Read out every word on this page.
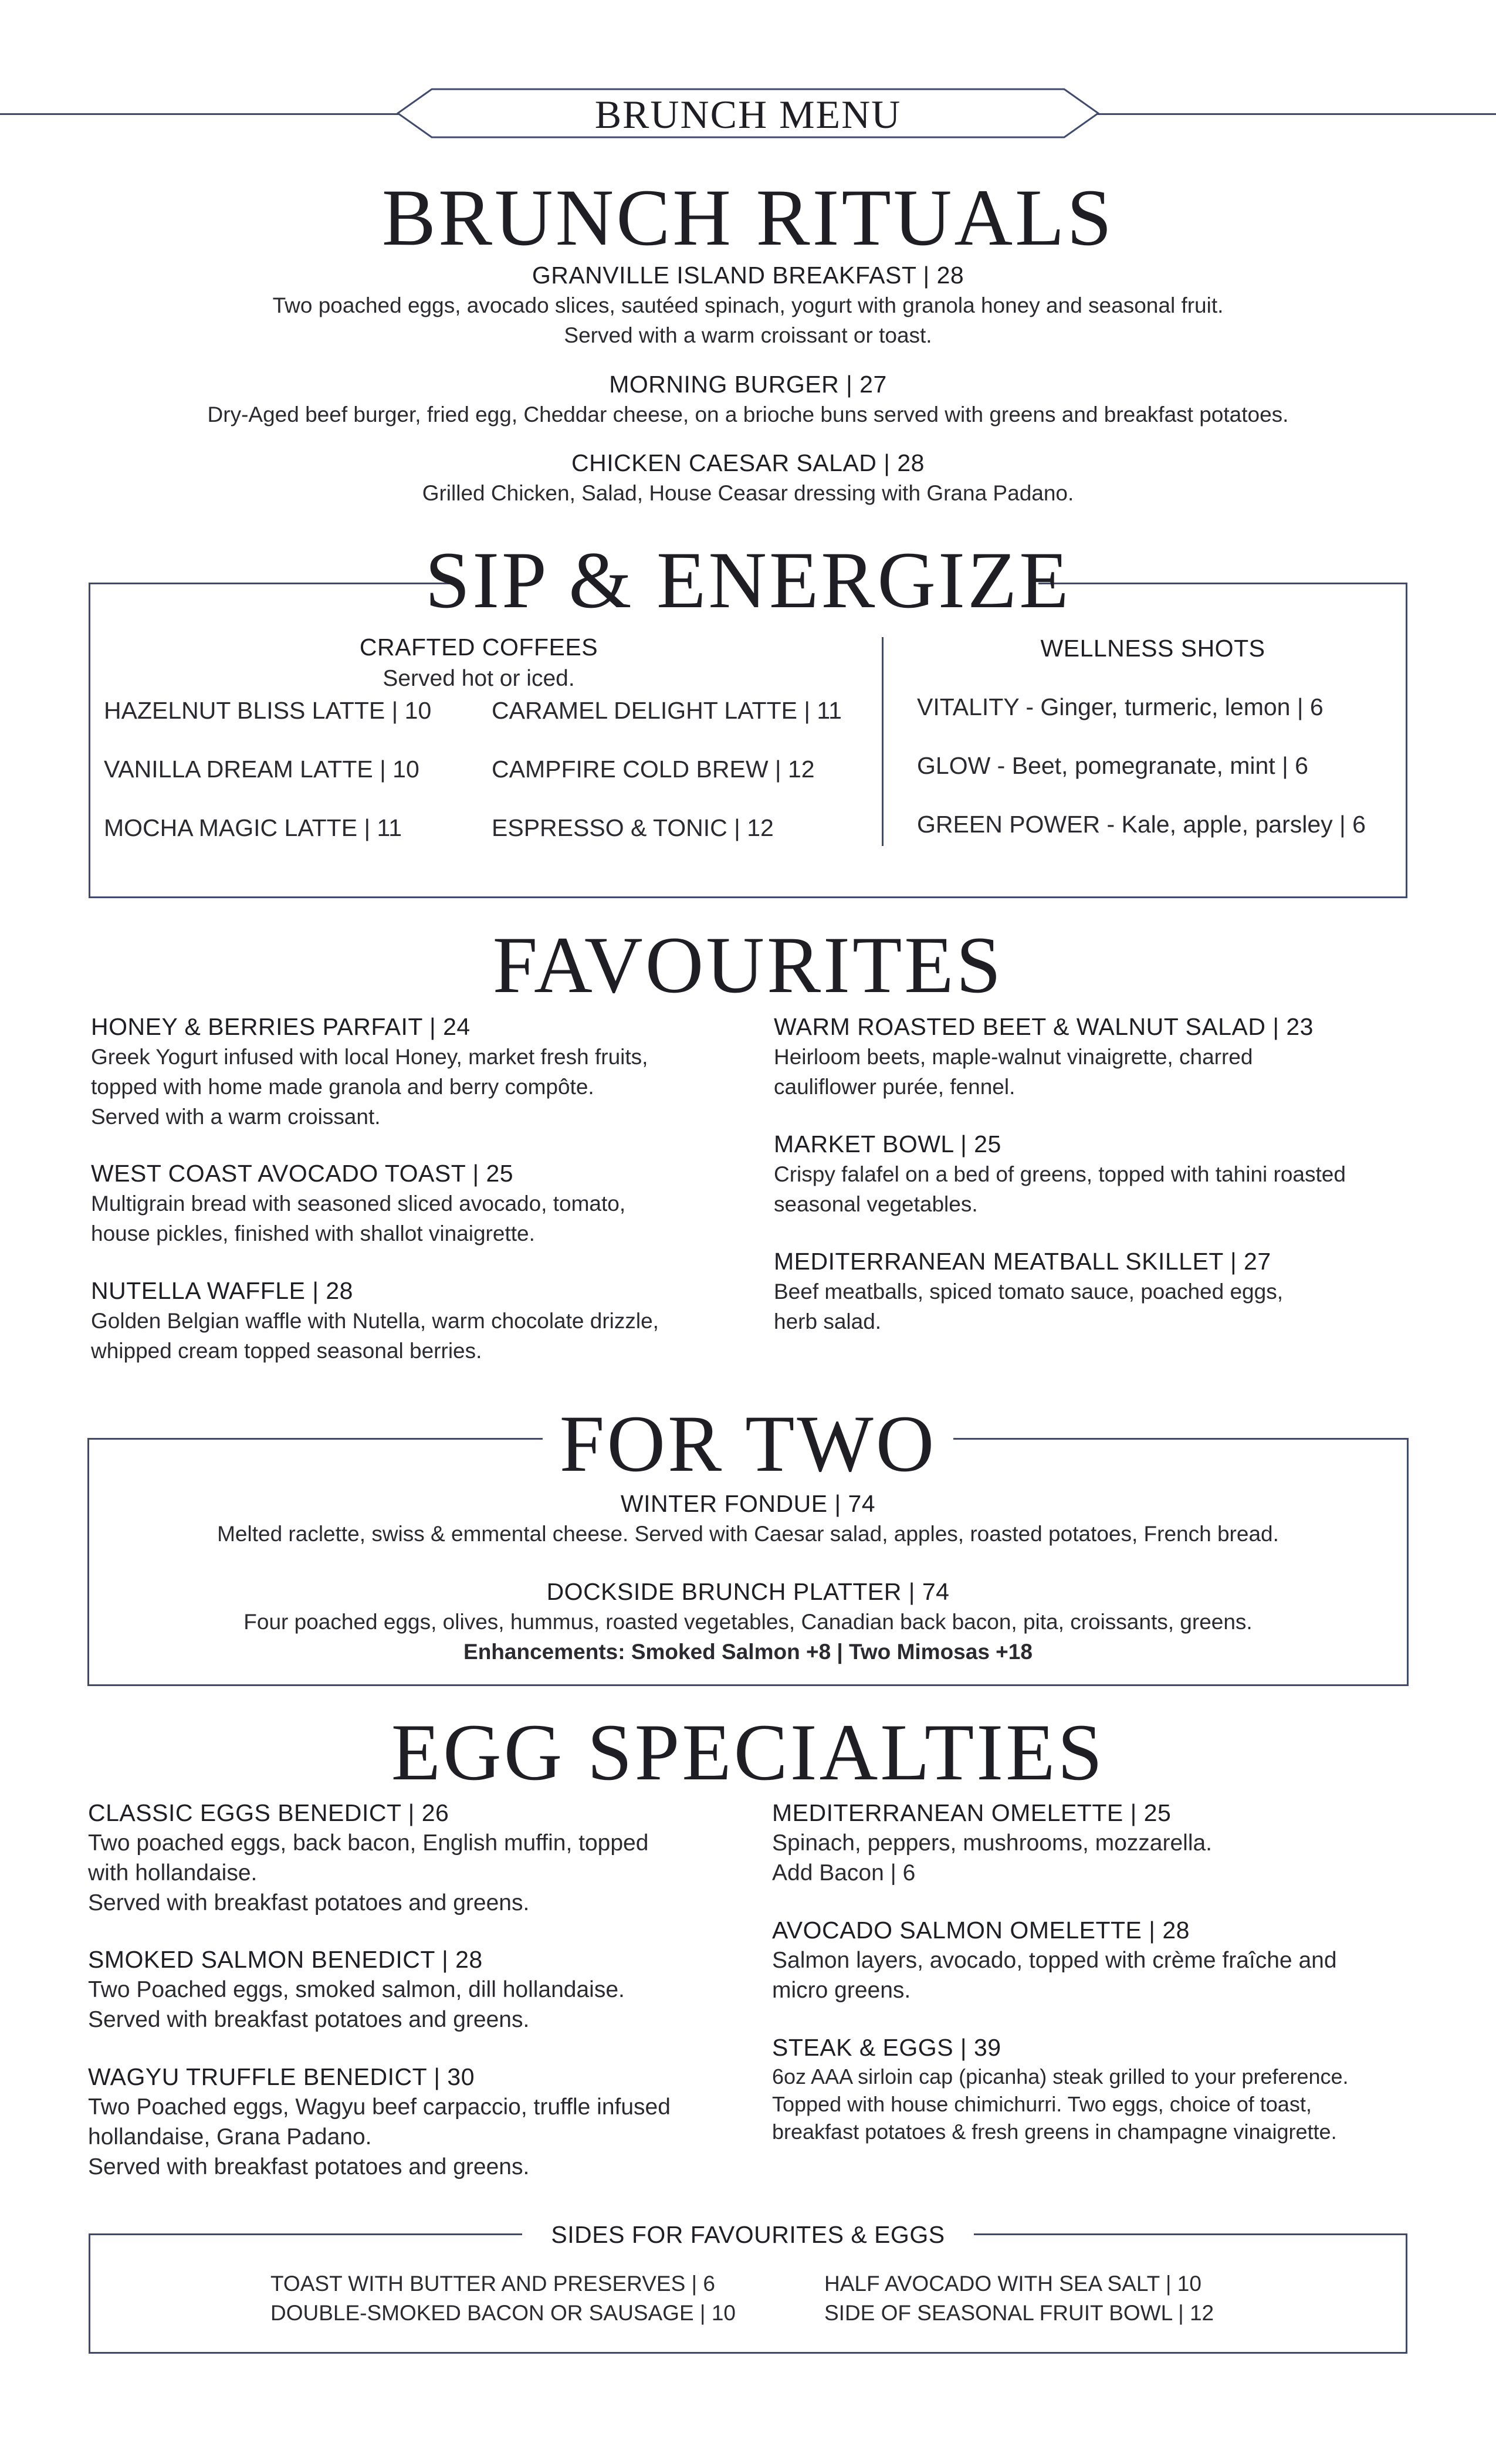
BRUNCH MENU
BRUNCH RITUALS
GRANVILLE ISLAND BREAKFAST | 28
Two poached eggs, avocado slices, sautéed spinach, yogurt with granola honey and seasonal fruit.
Served with a warm croissant or toast.
MORNING BURGER | 27
Dry-Aged beef burger, fried egg, Cheddar cheese, on a brioche buns served with greens and breakfast potatoes.
CHICKEN CAESAR SALAD | 28
Grilled Chicken, Salad, House Ceasar dressing with Grana Padano.
SIP & ENERGIZE
CRAFTED COFFEES
Served hot or iced.
HAZELNUT BLISS LATTE | 10	CARAMEL DELIGHT LATTE | 11
VANILLA DREAM LATTE | 10	CAMPFIRE COLD BREW | 12
MOCHA MAGIC LATTE | 11	ESPRESSO & TONIC | 12
WELLNESS SHOTS
VITALITY - Ginger, turmeric, lemon | 6
GLOW - Beet, pomegranate, mint | 6
GREEN POWER - Kale, apple, parsley | 6
FAVOURITES
HONEY & BERRIES PARFAIT | 24
Greek Yogurt infused with local Honey, market fresh fruits,
topped with home made granola and berry compôte.
Served with a warm croissant.
WEST COAST AVOCADO TOAST | 25
Multigrain bread with seasoned sliced avocado, tomato,
house pickles, finished with shallot vinaigrette.
NUTELLA WAFFLE | 28
Golden Belgian waffle with Nutella, warm chocolate drizzle,
whipped cream topped seasonal berries.
WARM ROASTED BEET & WALNUT SALAD | 23
Heirloom beets, maple-walnut vinaigrette, charred
cauliflower purée, fennel.
MARKET BOWL | 25
Crispy falafel on a bed of greens, topped with tahini roasted
seasonal vegetables.
MEDITERRANEAN MEATBALL SKILLET | 27
Beef meatballs, spiced tomato sauce, poached eggs,
herb salad.
FOR TWO
WINTER FONDUE | 74
Melted raclette, swiss & emmental cheese. Served with Caesar salad, apples, roasted potatoes, French bread.
DOCKSIDE BRUNCH PLATTER | 74
Four poached eggs, olives, hummus, roasted vegetables, Canadian back bacon, pita, croissants, greens.
Enhancements: Smoked Salmon +8 | Two Mimosas +18
EGG SPECIALTIES
CLASSIC EGGS BENEDICT | 26
Two poached eggs, back bacon, English muffin, topped
with hollandaise.
Served with breakfast potatoes and greens.
SMOKED SALMON BENEDICT | 28
Two Poached eggs, smoked salmon, dill hollandaise.
Served with breakfast potatoes and greens.
WAGYU TRUFFLE BENEDICT | 30
Two Poached eggs, Wagyu beef carpaccio, truffle infused
hollandaise, Grana Padano.
Served with breakfast potatoes and greens.
MEDITERRANEAN OMELETTE | 25
Spinach, peppers, mushrooms, mozzarella.
Add Bacon | 6
AVOCADO SALMON OMELETTE | 28
Salmon layers, avocado, topped with crème fraîche and
micro greens.
STEAK & EGGS | 39
6oz AAA sirloin cap (picanha) steak grilled to your preference.
Topped with house chimichurri. Two eggs, choice of toast,
breakfast potatoes & fresh greens in champagne vinaigrette.
SIDES FOR FAVOURITES & EGGS
TOAST WITH BUTTER AND PRESERVES | 6	HALF AVOCADO WITH SEA SALT | 10
DOUBLE-SMOKED BACON OR SAUSAGE | 10	SIDE OF SEASONAL FRUIT BOWL | 12
